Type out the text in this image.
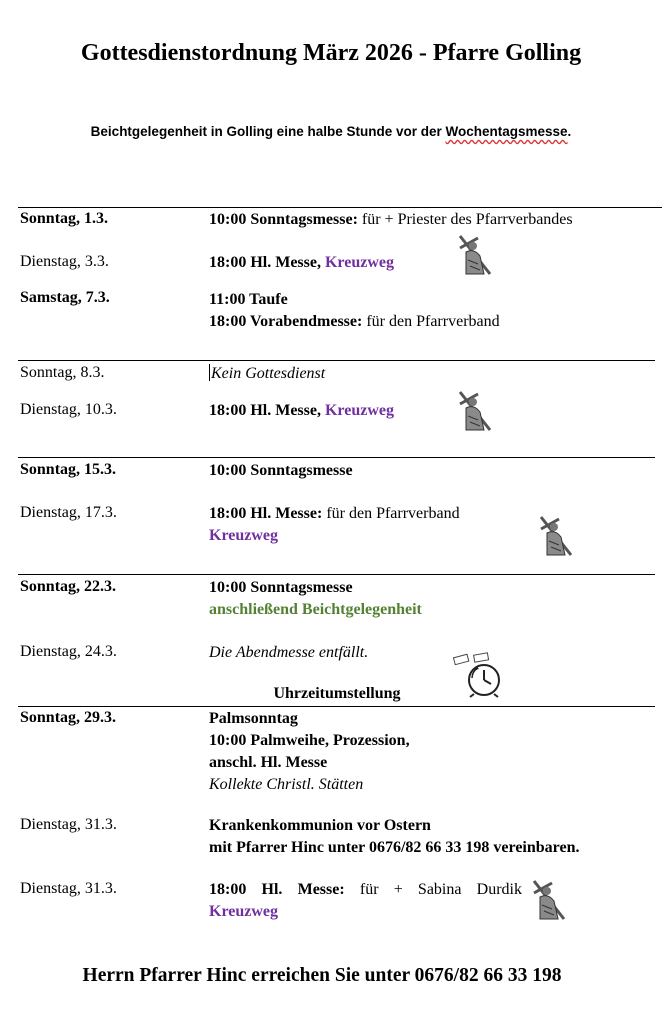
Gottesdienstordnung März 2026 - Pfarre Golling
Beichtgelegenheit in Golling eine halbe Stunde vor der Wochentagsmesse.
Sonntag, 1.3.	10:00 Sonntagsmesse: für + Priester des Pfarrverbandes
Dienstag, 3.3.	18:00 Hl. Messe, Kreuzweg
Samstag, 7.3.	11:00 Taufe
18:00 Vorabendmesse: für den Pfarrverband
Sonntag, 8.3.	Kein Gottesdienst
Dienstag, 10.3.	18:00 Hl. Messe, Kreuzweg
Sonntag, 15.3.	10:00 Sonntagsmesse
Dienstag, 17.3.	18:00 Hl. Messe: für den Pfarrverband
Kreuzweg
Sonntag, 22.3.	10:00 Sonntagsmesse
anschließend Beichtgelegenheit
Dienstag, 24.3.	Die Abendmesse entfällt.
Uhrzeitumstellung
Sonntag, 29.3.	Palmsonntag
10:00 Palmweihe, Prozession,
anschl. Hl. Messe
Kollekte Christl. Stätten
Dienstag, 31.3.	Krankenkommunion vor Ostern
mit Pfarrer Hinc unter 0676/82 66 33 198 vereinbaren.
Dienstag, 31.3.	18:00 Hl. Messe: für + Sabina Durdik
Kreuzweg
Herrn Pfarrer Hinc erreichen Sie unter 0676/82 66 33 198
